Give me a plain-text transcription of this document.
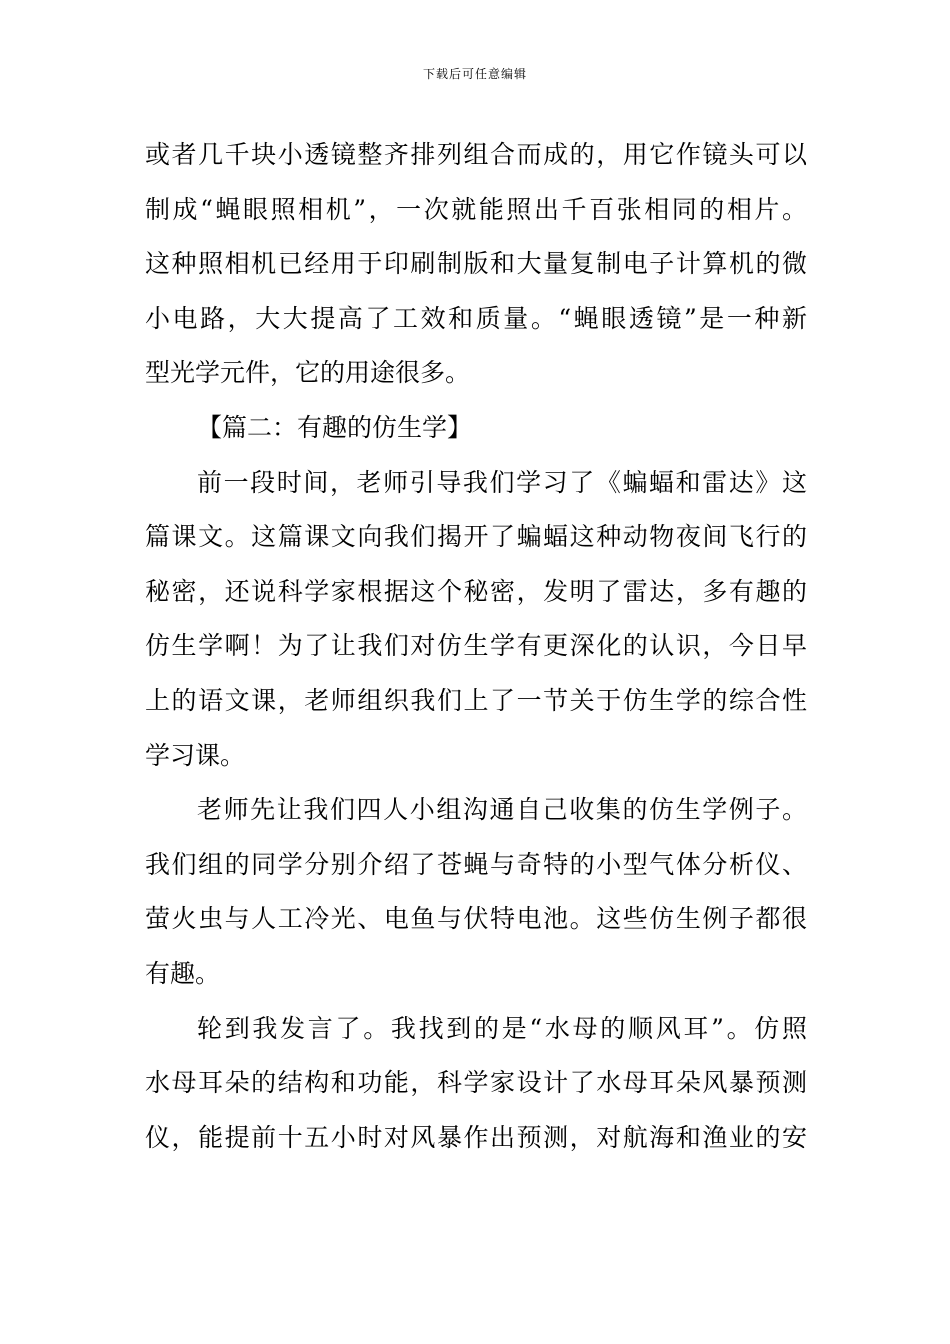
下载后可任意编辑
或者几千块小透镜整齐排列组合而成的，用它作镜头可以
制成“蝇眼照相机”，一次就能照出千百张相同的相片。
这种照相机已经用于印刷制版和大量复制电子计算机的微
小电路，大大提高了工效和质量。“蝇眼透镜”是一种新
型光学元件，它的用途很多。
【篇二：有趣的仿生学】
前一段时间，老师引导我们学习了《蝙蝠和雷达》这
篇课文。这篇课文向我们揭开了蝙蝠这种动物夜间飞行的
秘密，还说科学家根据这个秘密，发明了雷达，多有趣的
仿生学啊！为了让我们对仿生学有更深化的认识，今日早
上的语文课，老师组织我们上了一节关于仿生学的综合性
学习课。
老师先让我们四人小组沟通自己收集的仿生学例子。
我们组的同学分别介绍了苍蝇与奇特的小型气体分析仪、
萤火虫与人工冷光、电鱼与伏特电池。这些仿生例子都很
有趣。
轮到我发言了。我找到的是“水母的顺风耳”。仿照
水母耳朵的结构和功能，科学家设计了水母耳朵风暴预测
仪，能提前十五小时对风暴作出预测，对航海和渔业的安
